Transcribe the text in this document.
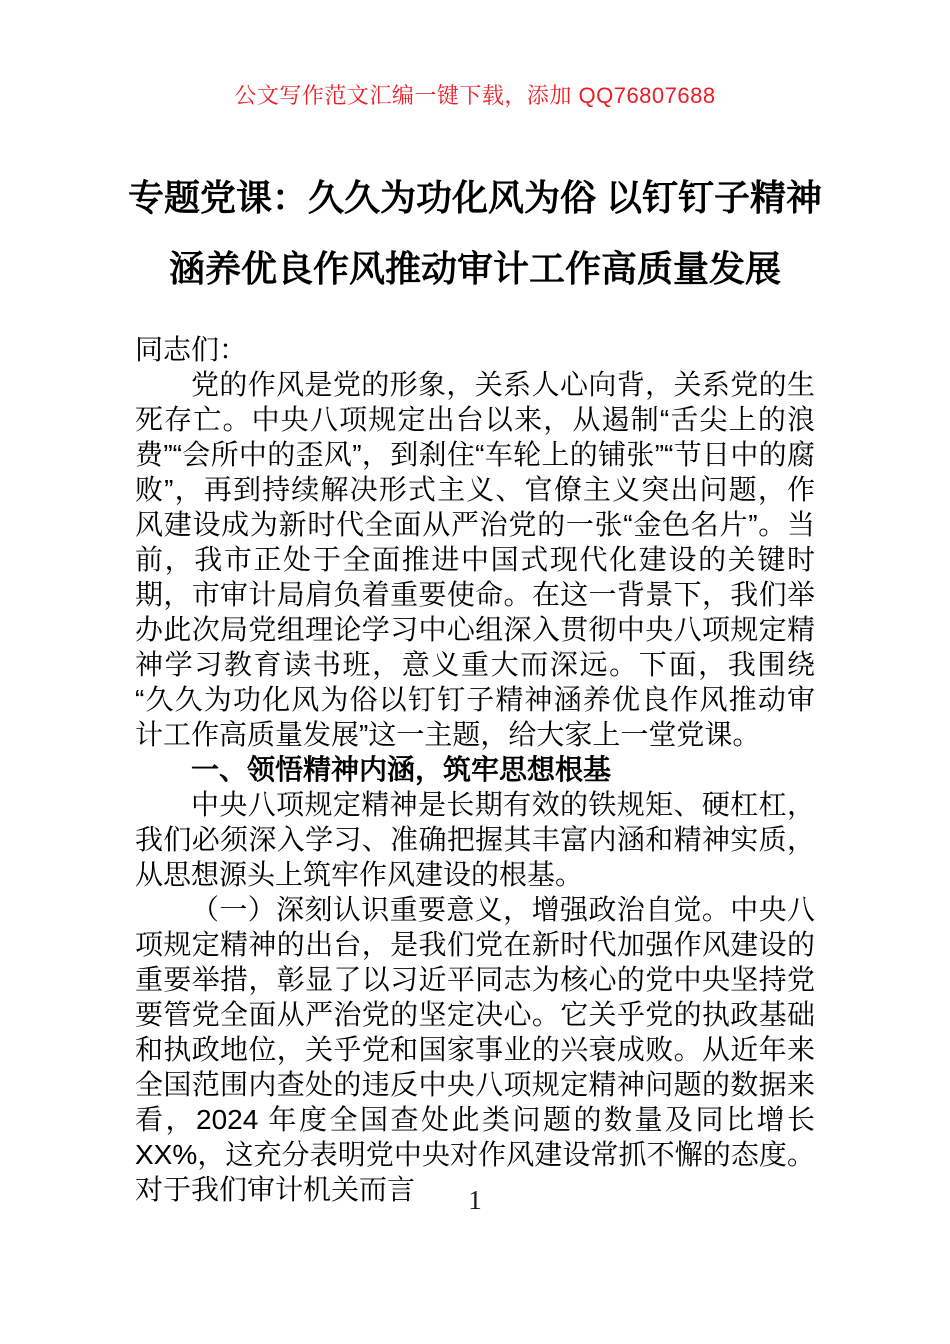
公文写作范文汇编一键下载，添加 QQ76807688
专题党课：久久为功化风为俗 以钉钉子精神涵养优良作风推动审计工作高质量发展

同志们：

党的作风是党的形象，关系人心向背，关系党的生死存亡。中央八项规定出台以来，从遏制“舌尖上的浪费”“会所中的歪风”，到刹住“车轮上的铺张”“节日中的腐败”，再到持续解决形式主义、官僚主义突出问题，作风建设成为新时代全面从严治党的一张“金色名片”。当前，我市正处于全面推进中国式现代化建设的关键时期，市审计局肩负着重要使命。在这一背景下，我们举办此次局党组理论学习中心组深入贯彻中央八项规定精神学习教育读书班，意义重大而深远。下面，我围绕“久久为功化风为俗以钉钉子精神涵养优良作风推动审计工作高质量发展”这一主题，给大家上一堂党课。

一、领悟精神内涵，筑牢思想根基

中央八项规定精神是长期有效的铁规矩、硬杠杠，我们必须深入学习、准确把握其丰富内涵和精神实质，从思想源头上筑牢作风建设的根基。

（一）深刻认识重要意义，增强政治自觉。中央八项规定精神的出台，是我们党在新时代加强作风建设的重要举措，彰显了以习近平同志为核心的党中央坚持党要管党全面从严治党的坚定决心。它关乎党的执政基础和执政地位，关乎党和国家事业的兴衰成败。从近年来全国范围内查处的违反中央八项规定精神问题的数据来看，2024 年度全国查处此类问题的数量及同比增长 XX%，这充分表明党中央对作风建设常抓不懈的态度。对于我们审计机关而言	1
